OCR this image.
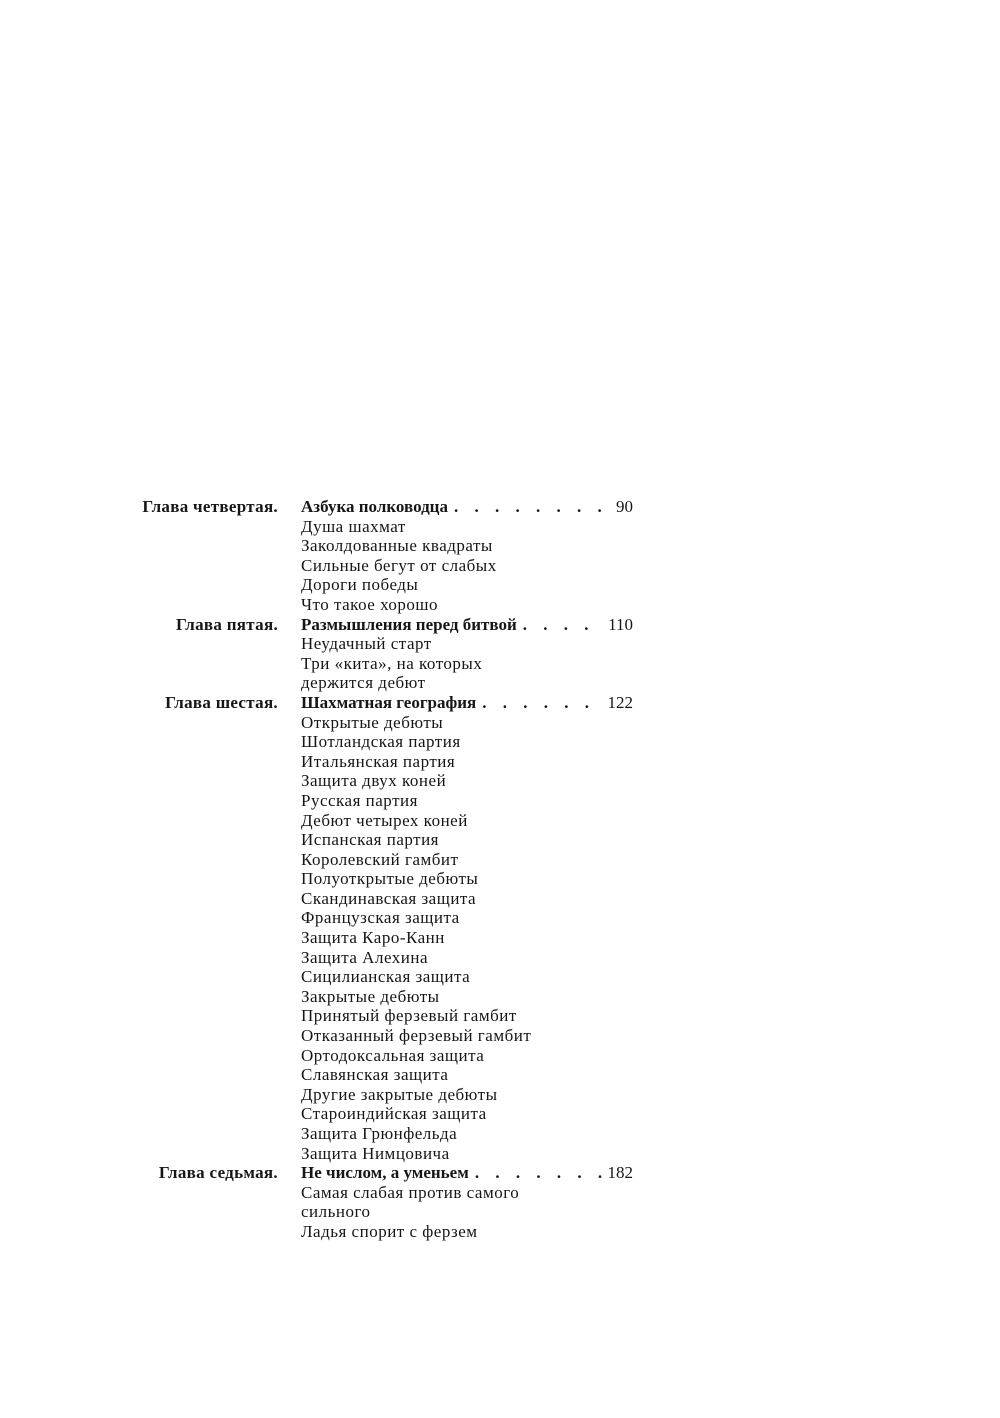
Глава четвертая. Азбука полководца . . .	90
Душа шахмат
Заколдованные квадраты
Сильные бегут от слабых
Дороги победы
Что такое хорошо
Глава пятая. Размышления перед битвой . . .	110
Неудачный старт
Три «кита», на которых
держится дебют
Глава шестая. Шахматная география . . .	122
Открытые дебюты
Шотландская партия
Итальянская партия
Защита двух коней
Русская партия
Дебют четырех коней
Испанская партия
Королевский гамбит
Полуоткрытые дебюты
Скандинавская защита
Французская защита
Защита Каро-Канн
Защита Алехина
Сицилианская защита
Закрытые дебюты
Принятый ферзевый гамбит
Отказанный ферзевый гамбит
Ортодоксальная защита
Славянская защита
Другие закрытые дебюты
Староиндийская защита
Защита Грюнфельда
Защита Нимцовича
Глава седьмая. Не числом, а уменьем . . .	182
Самая слабая против самого
сильного
Ладья спорит с ферзем
